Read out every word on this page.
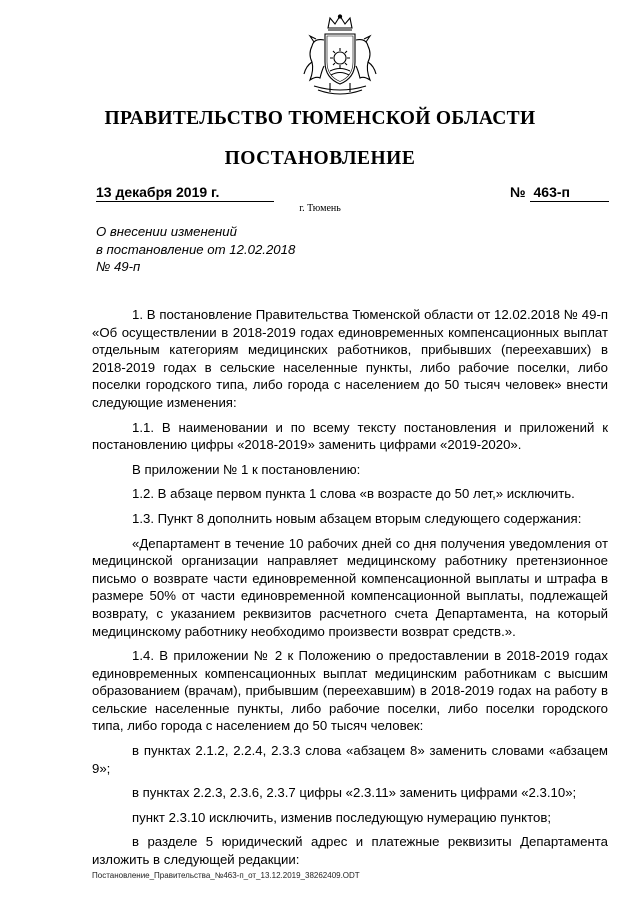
ПРАВИТЕЛЬСТВО ТЮМЕНСКОЙ ОБЛАСТИ
ПОСТАНОВЛЕНИЕ
13 декабря 2019 г.	№ 463-п
г. Тюмень
О внесении изменений
в постановление от 12.02.2018
№ 49-п

1. В постановление Правительства Тюменской области от 12.02.2018 № 49-п «Об осуществлении в 2018-2019 годах единовременных компенсационных выплат отдельным категориям медицинских работников, прибывших (переехавших) в 2018-2019 годах в сельские населенные пункты, либо рабочие поселки, либо поселки городского типа, либо города с населением до 50 тысяч человек» внести следующие изменения:

1.1. В наименовании и по всему тексту постановления и приложений к постановлению цифры «2018-2019» заменить цифрами «2019-2020».

В приложении № 1 к постановлению:

1.2. В абзаце первом пункта 1 слова «в возрасте до 50 лет,» исключить.

1.3. Пункт 8 дополнить новым абзацем вторым следующего содержания:

«Департамент в течение 10 рабочих дней со дня получения уведомления от медицинской организации направляет медицинскому работнику претензионное письмо о возврате части единовременной компенсационной выплаты и штрафа в размере 50% от части единовременной компенсационной выплаты, подлежащей возврату, с указанием реквизитов расчетного счета Департамента, на который медицинскому работнику необходимо произвести возврат средств.».

1.4. В приложении № 2 к Положению о предоставлении в 2018-2019 годах единовременных компенсационных выплат медицинским работникам с высшим образованием (врачам), прибывшим (переехавшим) в 2018-2019 годах на работу в сельские населенные пункты, либо рабочие поселки, либо поселки городского типа, либо города с населением до 50 тысяч человек:

в пунктах 2.1.2, 2.2.4, 2.3.3 слова «абзацем 8» заменить словами «абзацем 9»;

в пунктах 2.2.3, 2.3.6, 2.3.7 цифры «2.3.11» заменить цифрами «2.3.10»;

пункт 2.3.10 исключить, изменив последующую нумерацию пунктов;

в разделе 5 юридический адрес и платежные реквизиты Департамента изложить в следующей редакции:

Постановление_Правительства_№463-п_от_13.12.2019_38262409.ODT
